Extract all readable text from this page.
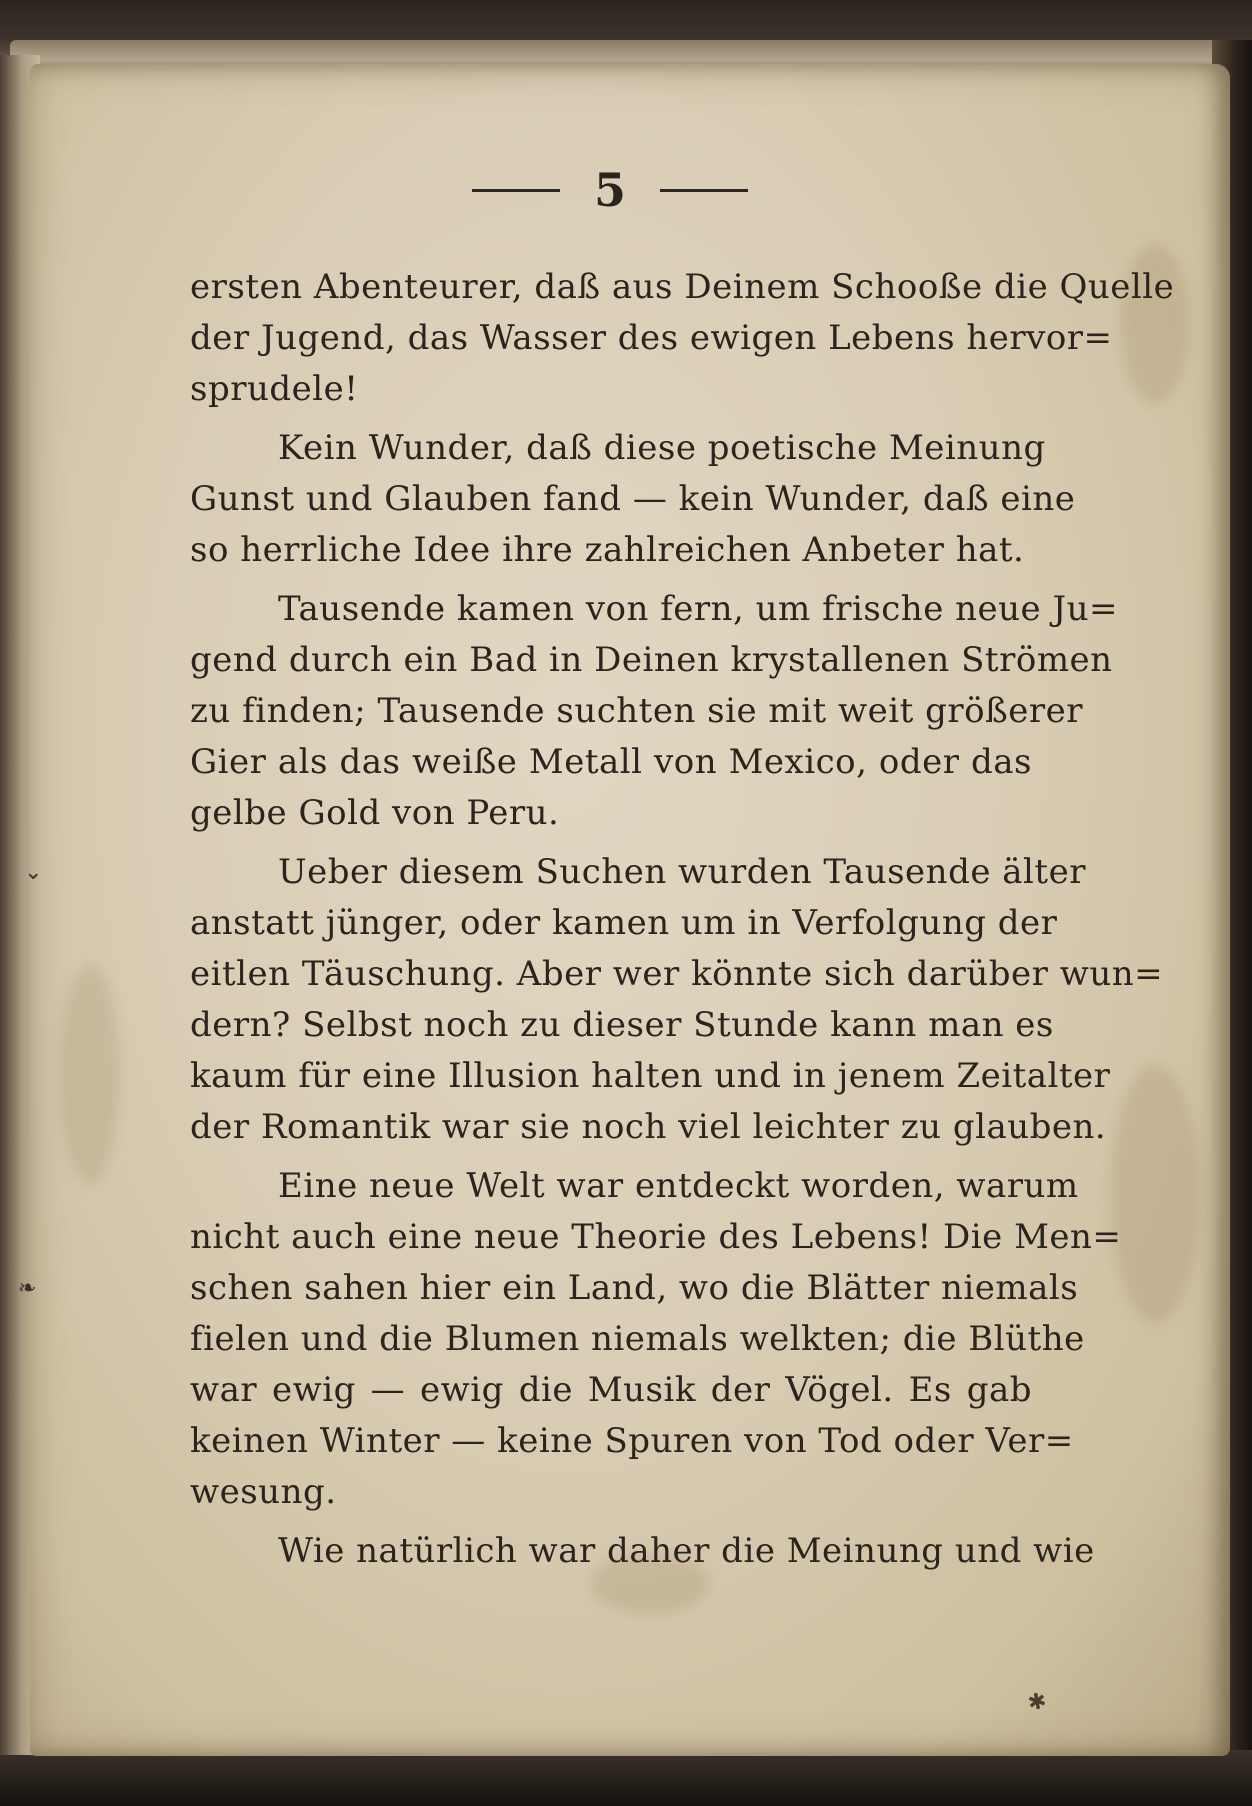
⌄
❧
5
ersten Abenteurer, daß aus Deinem Schooße die Quelle
der Jugend, das Wasser des ewigen Lebens hervor=
sprudele!
Kein Wunder, daß diese poetische Meinung
Gunst und Glauben fand — kein Wunder, daß eine
so herrliche Idee ihre zahlreichen Anbeter hat.
Tausende kamen von fern, um frische neue Ju=
gend durch ein Bad in Deinen krystallenen Strömen
zu finden; Tausende suchten sie mit weit größerer
Gier als das weiße Metall von Mexico, oder das
gelbe Gold von Peru.
Ueber diesem Suchen wurden Tausende älter
anstatt jünger, oder kamen um in Verfolgung der
eitlen Täuschung. Aber wer könnte sich darüber wun=
dern? Selbst noch zu dieser Stunde kann man es
kaum für eine Illusion halten und in jenem Zeitalter
der Romantik war sie noch viel leichter zu glauben.
Eine neue Welt war entdeckt worden, warum
nicht auch eine neue Theorie des Lebens! Die Men=
schen sahen hier ein Land, wo die Blätter niemals
fielen und die Blumen niemals welkten; die Blüthe
war ewig — ewig die Musik der Vögel. Es gab
keinen Winter — keine Spuren von Tod oder Ver=
wesung.
Wie natürlich war daher die Meinung und wie
✱
